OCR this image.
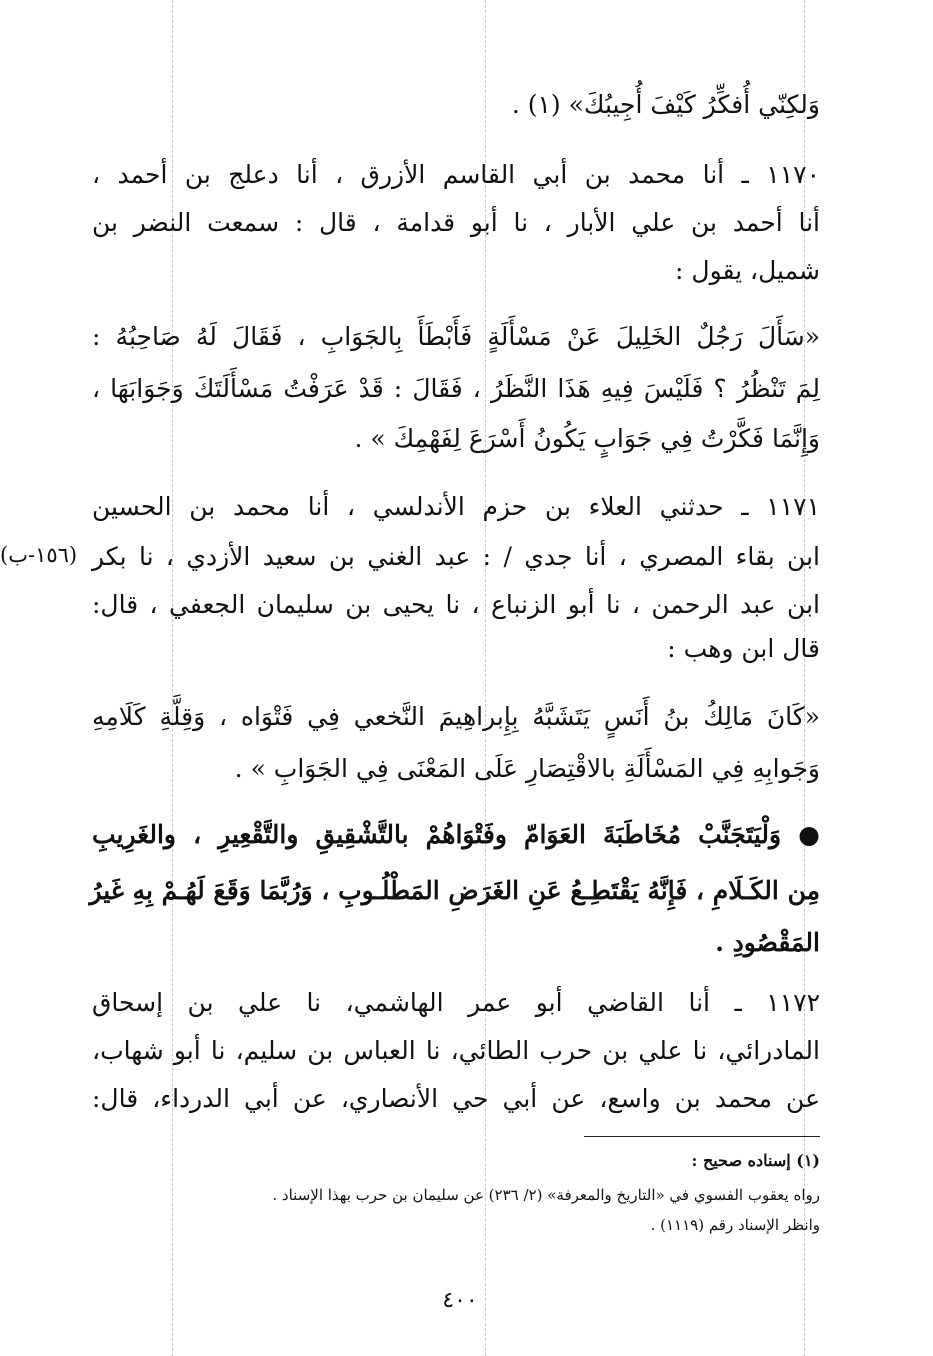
وَلكِنّي أُفكِّرُ كَيْفَ أُجِيبُكَ» (١) .
١١٧٠ ـ أنا محمد بن أبي القاسم الأزرق ، أنا دعلج بن أحمد ،
أنا أحمد بن علي الأبار ، نا أبو قدامة ، قال : سمعت النضر بن
شميل، يقول :
«سَأَلَ رَجُلٌ الخَلِيلَ عَنْ مَسْأَلَةٍ فَأَبْطَأَ بِالجَوَابِ ، فَقَالَ لَهُ صَاحِبُهُ :
لِمَ تَنْظُرُ ؟ فَلَيْسَ فِيهِ هَذَا النَّظَرُ ، فَقَالَ : قَدْ عَرَفْتُ مَسْأَلَتَكَ وَجَوَابَهَا ،
وَإِنَّمَا فَكَّرْتُ فِي جَوَابٍ يَكُونُ أَسْرَعَ لِفَهْمِكَ » .
١١٧١ ـ حدثني العلاء بن حزم الأندلسي ، أنا محمد بن الحسين
ابن بقاء المصري ، أنا جدي / : عبد الغني بن سعيد الأزدي ، نا بكر
ابن عبد الرحمن ، نا أبو الزنباع ، نا يحيى بن سليمان الجعفي ، قال:
قال ابن وهب :
«كَانَ مَالِكُ بنُ أَنَسٍ يَتَشَبَّهُ بِإِبراهِيمَ النَّخعي فِي فَتْوَاه ، وَقِلَّةِ كَلَامِهِ
وَجَوابِهِ فِي المَسْأَلَةِ بالاقْتِصَارِ عَلَى المَعْنَى فِي الجَوَابِ » .
● وَلْيَتَجَنَّبْ مُخَاطَبَةَ العَوَامّ وفَتْوَاهُمْ بالتَّشْقِيقِ والتَّقْعِيرِ ، والغَرِيبِ
مِن الكَـلَامِ ، فَإِنَّهُ يَقْتَطِـعُ عَنِ الغَرَضِ المَطْلُـوبِ ، وَرُبَّمَا وَقَعَ لَهُـمْ بِهِ غَيرُ
المَقْصُودِ .
١١٧٢ ـ أنا القاضي أبو عمر الهاشمي، نا علي بن إسحاق
المادرائي، نا علي بن حرب الطائي، نا العباس بن سليم، نا أبو شهاب،
عن محمد بن واسع، عن أبي حي الأنصاري، عن أبي الدرداء، قال:
(١٥٦-ب)
(١) إسناده صحيح :
رواه يعقوب الفسوي في «التاريخ والمعرفة» (٢/ ٢٣٦) عن سليمان بن حرب بهذا الإسناد .
وانظر الإسناد رقم (١١١٩) .
٤٠٠
